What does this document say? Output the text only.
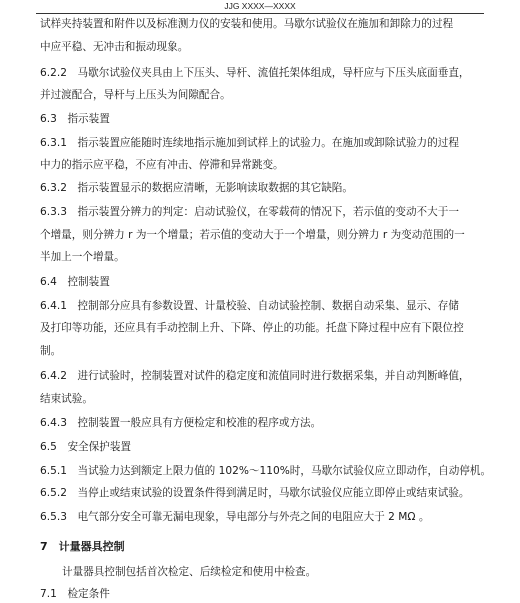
JJG XXXX—XXXX
试样夹持装置和附件以及标准测力仪的安装和使用。马歇尔试验仪在施加和卸除力的过程
中应平稳、无冲击和振动现象。
6.2.2　马歇尔试验仪夹具由上下压头、导杆、流值托架体组成，导杆应与下压头底面垂直，
并过渡配合，导杆与上压头为间隙配合。
6.3　指示装置
6.3.1　指示装置应能随时连续地指示施加到试样上的试验力。在施加或卸除试验力的过程
中力的指示应平稳，不应有冲击、停滞和异常跳变。
6.3.2　指示装置显示的数据应清晰，无影响读取数据的其它缺陷。
6.3.3　指示装置分辨力的判定：启动试验仪，在零载荷的情况下，若示值的变动不大于一
个增量，则分辨力 r 为一个增量；若示值的变动大于一个增量，则分辨力 r 为变动范围的一
半加上一个增量。
6.4　控制装置
6.4.1　控制部分应具有参数设置、计量校验、自动试验控制、数据自动采集、显示、存储
及打印等功能，还应具有手动控制上升、下降、停止的功能。托盘下降过程中应有下限位控
制。
6.4.2　进行试验时，控制装置对试件的稳定度和流值同时进行数据采集，并自动判断峰值，
结束试验。
6.4.3　控制装置一般应具有方便检定和校准的程序或方法。
6.5　安全保护装置
6.5.1　当试验力达到额定上限力值的 102%～110%时，马歇尔试验仪应立即动作，自动停机。
6.5.2　当停止或结束试验的设置条件得到满足时，马歇尔试验仪应能立即停止或结束试验。
6.5.3　电气部分安全可靠无漏电现象，导电部分与外壳之间的电阻应大于 2 MΩ 。
7　计量器具控制
计量器具控制包括首次检定、后续检定和使用中检查。
7.1　检定条件
